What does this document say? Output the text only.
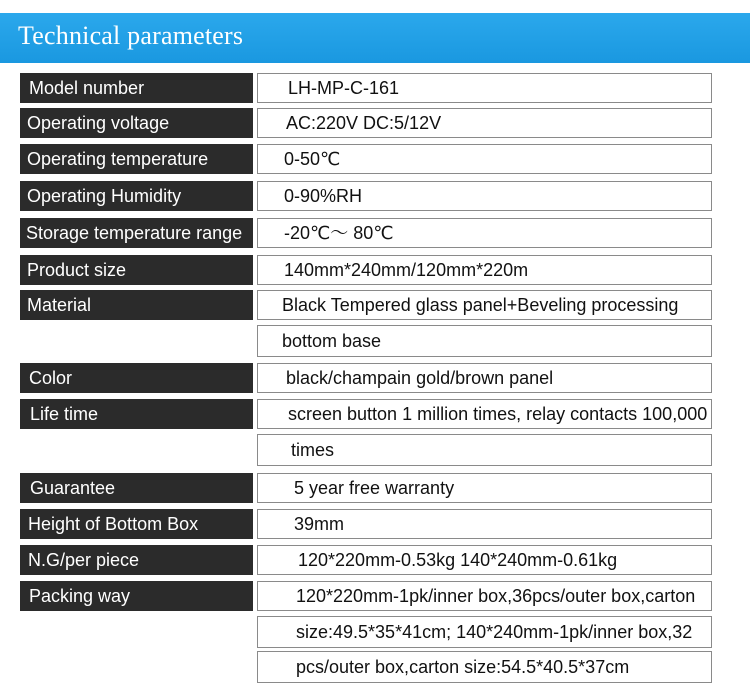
Technical parameters
Model number	LH-MP-C-161
Operating voltage	AC:220V DC:5/12V
Operating temperature	0-50℃
Operating Humidity	0-90%RH
Storage temperature range	-20℃～ 80℃
Product size	140mm*240mm/120mm*220m
Material	Black Tempered glass panel+Beveling processing
bottom base
Color	black/champain gold/brown panel
Life time	screen button 1 million times, relay contacts 100,000
times
Guarantee	5 year free warranty
Height of Bottom Box	39mm
N.G/per piece	120*220mm-0.53kg 140*240mm-0.61kg
Packing way	120*220mm-1pk/inner box,36pcs/outer box,carton
size:49.5*35*41cm; 140*240mm-1pk/inner box,32
pcs/outer box,carton size:54.5*40.5*37cm
